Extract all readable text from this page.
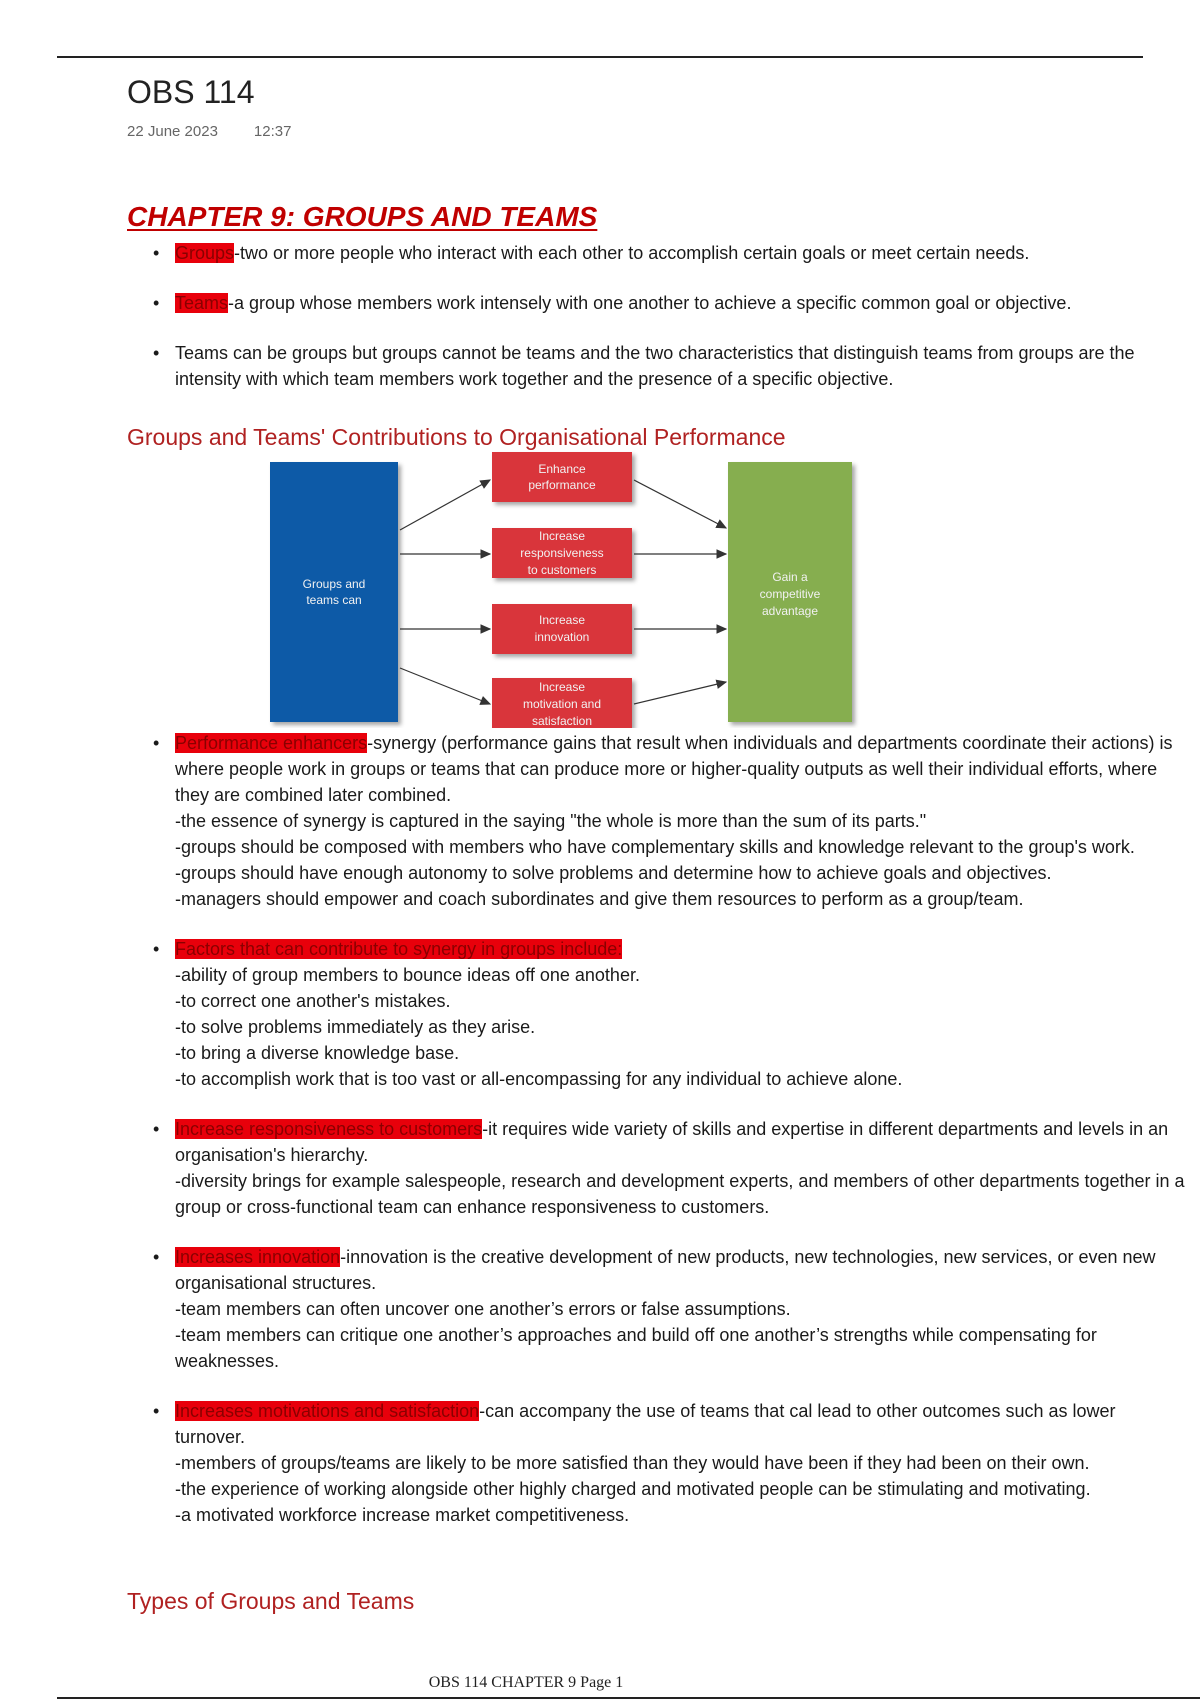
OBS 114
22 June 2023 12:37
CHAPTER 9: GROUPS AND TEAMS
• Groups-two or more people who interact with each other to accomplish certain goals or meet certain needs.
• Teams-a group whose members work intensely with one another to achieve a specific common goal or objective.
• Teams can be groups but groups cannot be teams and the two characteristics that distinguish teams from groups are the intensity with which team members work together and the presence of a specific objective.
Groups and Teams' Contributions to Organisational Performance
Groups and
teams can
Enhance
performance
Increase
responsiveness
to customers
Increase
innovation
Increase
motivation and
satisfaction
Gain a
competitive
advantage
• Performance enhancers-synergy (performance gains that result when individuals and departments coordinate their actions) is where people work in groups or teams that can produce more or higher-quality outputs as well their individual efforts, where they are combined later combined.
-the essence of synergy is captured in the saying "the whole is more than the sum of its parts."
-groups should be composed with members who have complementary skills and knowledge relevant to the group's work.
-groups should have enough autonomy to solve problems and determine how to achieve goals and objectives.
-managers should empower and coach subordinates and give them resources to perform as a group/team.
• Factors that can contribute to synergy in groups include:
-ability of group members to bounce ideas off one another.
-to correct one another's mistakes.
-to solve problems immediately as they arise.
-to bring a diverse knowledge base.
-to accomplish work that is too vast or all-encompassing for any individual to achieve alone.
• Increase responsiveness to customers-it requires wide variety of skills and expertise in different departments and levels in an organisation's hierarchy.
-diversity brings for example salespeople, research and development experts, and members of other departments together in a group or cross-functional team can enhance responsiveness to customers.
• Increases innovation-innovation is the creative development of new products, new technologies, new services, or even new organisational structures.
-team members can often uncover one another’s errors or false assumptions.
-team members can critique one another’s approaches and build off one another’s strengths while compensating for weaknesses.
• Increases motivations and satisfaction-can accompany the use of teams that cal lead to other outcomes such as lower turnover.
-members of groups/teams are likely to be more satisfied than they would have been if they had been on their own.
-the experience of working alongside other highly charged and motivated people can be stimulating and motivating.
-a motivated workforce increase market competitiveness.
Types of Groups and Teams
OBS 114 CHAPTER 9 Page 1
